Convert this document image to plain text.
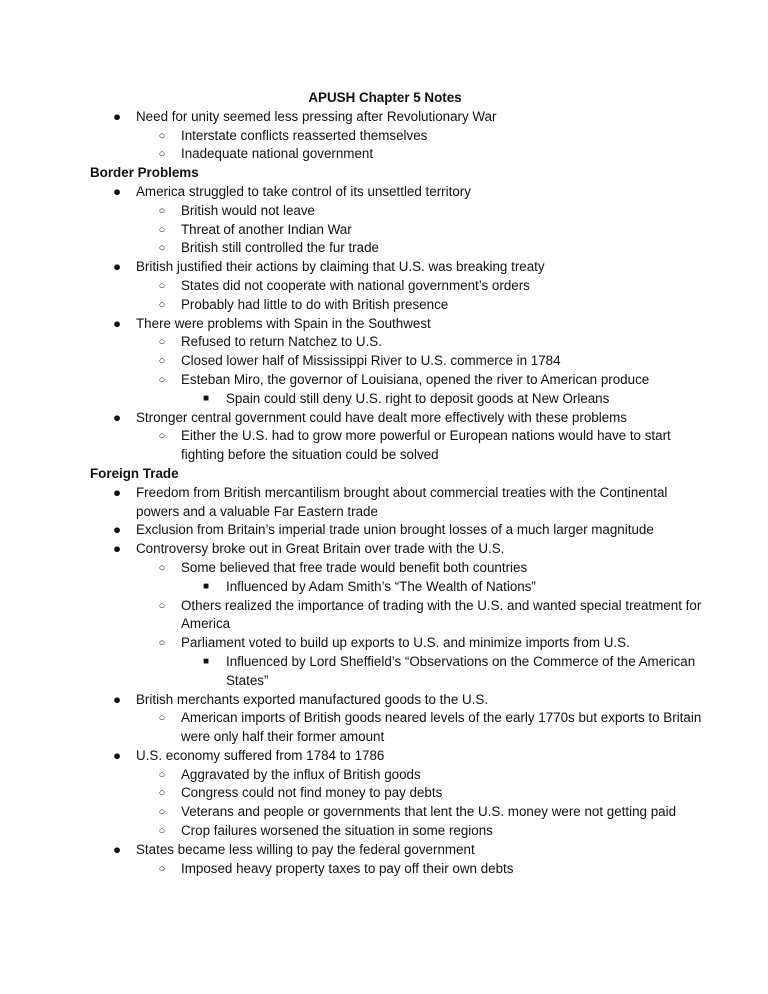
APUSH Chapter 5 Notes

● Need for unity seemed less pressing after Revolutionary War
○ Interstate conflicts reasserted themselves
○ Inadequate national government

Border Problems

● America struggled to take control of its unsettled territory
○ British would not leave
○ Threat of another Indian War
○ British still controlled the fur trade
● British justified their actions by claiming that U.S. was breaking treaty
○ States did not cooperate with national government’s orders
○ Probably had little to do with British presence
● There were problems with Spain in the Southwest
○ Refused to return Natchez to U.S.
○ Closed lower half of Mississippi River to U.S. commerce in 1784
○ Esteban Miro, the governor of Louisiana, opened the river to American produce
■ Spain could still deny U.S. right to deposit goods at New Orleans
● Stronger central government could have dealt more effectively with these problems
○ Either the U.S. had to grow more powerful or European nations would have to start fighting before the situation could be solved

Foreign Trade

● Freedom from British mercantilism brought about commercial treaties with the Continental powers and a valuable Far Eastern trade
● Exclusion from Britain’s imperial trade union brought losses of a much larger magnitude
● Controversy broke out in Great Britain over trade with the U.S.
○ Some believed that free trade would benefit both countries
■ Influenced by Adam Smith’s “The Wealth of Nations”
○ Others realized the importance of trading with the U.S. and wanted special treatment for America
○ Parliament voted to build up exports to U.S. and minimize imports from U.S.
■ Influenced by Lord Sheffield’s “Observations on the Commerce of the American States”
● British merchants exported manufactured goods to the U.S.
○ American imports of British goods neared levels of the early 1770s but exports to Britain were only half their former amount
● U.S. economy suffered from 1784 to 1786
○ Aggravated by the influx of British goods
○ Congress could not find money to pay debts
○ Veterans and people or governments that lent the U.S. money were not getting paid
○ Crop failures worsened the situation in some regions
● States became less willing to pay the federal government
○ Imposed heavy property taxes to pay off their own debts
